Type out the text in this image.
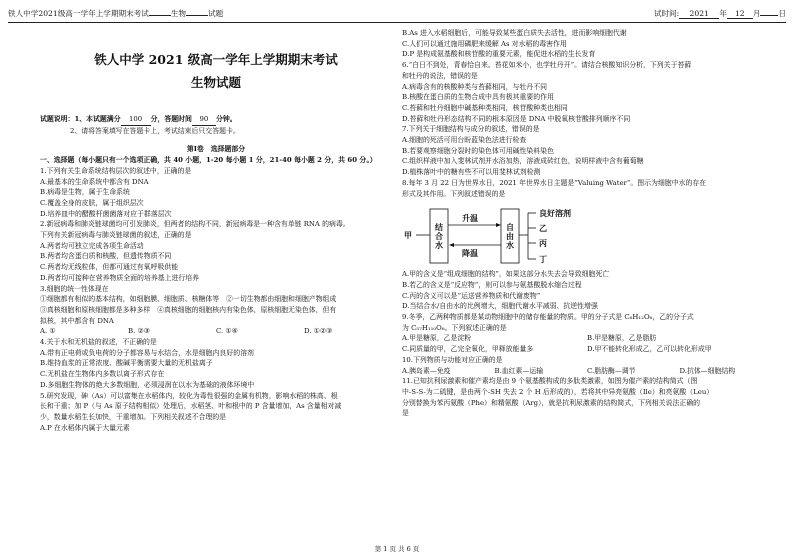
铁人中学2021级高一学年上学期期末考试	生物	试题	试时间: 2021 年 12 月 日
铁人中学 2021 级高一学年上学期期末考试
生物试题
试题说明：1、本试题满分 100 分，答题时间 90 分钟。
2、请将答案填写在答题卡上，考试结束后只交答题卡。
第Ⅰ卷　选择题部分
一、选择题（每小题只有一个选项正确，共 40 小题，1-20 每小题 1 分，21-40 每小题 2 分，共 60 分。）
1.下列有关生命系统结构层次的叙述中，正确的是
A.最基本的生命系统中都含有 DNA
B.病毒是生物，属于生命系统
C.覆盖全身的皮肤，属于组织层次
D.培养皿中的醋酸杆菌菌落对应于群落层次
2.新冠病毒和肺炎链球菌均可引发肺炎，但两者的结构不同，新冠病毒是一种含有单链 RNA 的病毒。
下列有关新冠病毒与肺炎链球菌的叙述，正确的是
A.两者均可独立完成各项生命活动
B.两者均含蛋白质和核酸，但遗传物质不同
C.两者均无线粒体，但都可通过有氧呼吸供能
D.两者均可接种在营养物质全面的培养基上进行培养
3.细胞的统一性体现在
①细胞都有相似的基本结构，如细胞膜、细胞质、核糖体等　②一切生物都由细胞和细胞产物组成
③真核细胞和原核细胞都是多种多样　④真核细胞的细胞核内有染色体，原核细胞无染色体，但有
拟核，其中都含有 DNA
A. ①	B. ②③	C. ①④	D. ①②③
4.关于水和无机盐的叙述，不正确的是
A.带有正电荷或负电荷的分子都容易与水结合，水是细胞内良好的溶剂
B.维持血浆的正常浓度、酸碱平衡需要大量的无机盐离子
C.无机盐在生物体内多数以离子形式存在
D.多细胞生物体的绝大多数细胞，必须浸润在以水为基础的液体环境中
5.研究发现，砷（As）可以富集在水稻体内，较化为毒性很强的金属有机物，影响水稻的株高、根
长和干重；加 P（与 As 原子结构相似）处理后，水稻茎、叶和根中的 P 含量增加，As 含量相对减
少，数量水稻生长加快，干重增加。下列相关叙述不合理的是
A.P 在水稻体内属于大量元素
B.As 进入水稻细胞后，可能导致某些蛋白质失去活性，进而影响细胞代谢
C.人们可以通过施用磷肥来缓解 As 对水稻的毒害作用
D.P 是构成氨基酸和核苷酸的重要元素，能促进水稻的生长发育
6.“白日不到处，青春恰自来。苔花如米小，也学牡丹开”。请结合核酸知识分析，下列关于苔藓
和牡丹的说法，错误的是
A.病毒含有的核酸种类与苔藓相同，与牡丹不同
B.核酸在蛋白质的生物合成中具有极其重要的作用
C.苔藓和牡丹细胞中碱基种类相同，核苷酸种类也相同
D.苔藓和牡丹形态结构不同的根本原因是 DNA 中脱氧核苷酸排列顺序不同
7.下列关于细胞结构与成分的叙述，错误的是
A.细胞的死活可用台盼蓝染色法进行检查
B.若要观察细胞分裂时的染色体可用碱性染料染色
C.组织样液中加入斐林试剂并水浴加热，溶液成砖红色，说明样液中含有葡萄糖
D.植株落叶中的糖有些不可以用斐林试剂检测
8.每年 3 月 22 日为世界水日，2021 年世界水日主题是“Valuing Water”。图示为细胞中水的存在
形式及其作用。下列叙述错误的是
甲
结合水
升温
降温
自由水
良好溶剂
乙
丙
丁
A.甲的含义是“组成细胞的结构”，如果这部分水失去会导致细胞死亡
B.若乙的含义是“反应物”，则可以参与氨基酸脱水缩合过程
C.丙的含义可以是“运送营养物质和代谢废物”
D.当结合水/自由水的比例增大，细胞代谢水平减弱、抗逆性增强
9.冬季，乙两种物质都是某动物细胞中的储存能量的物质。甲的分子式是 C₆H₁₂O₆，乙的分子式
为 C₅₇H₁₁₀O₆。下列叙述正确的是
A.甲是糖原，乙是淀粉	B.甲是糖原，乙是脂肪
C.同质量的甲，乙完全氧化，甲释放能量多	D.甲不能转化形成乙，乙可以转化形成甲
10.下列物质与功能对应正确的是
A.胰岛素—免疫	B.血红素—运输	C.脂肪酶—调节	D.抗体—细胞结构
11.已知抗利尿激素和催产素均是由 9 个氨基酸构成的多肽类激素，如图为催产素的结构简式（图
中-S-S-为二硫键，是由两个-SH 失去 2 个 H 后形成的），若将其中异亮氨酸（Ile）和亮氨酸（Leu）
分别替换为苯丙氨酸（Phe）和精氨酸（Arg），就是抗利尿激素的结构简式，下列相关说法正确的
是
第 1 页 共 6 页
